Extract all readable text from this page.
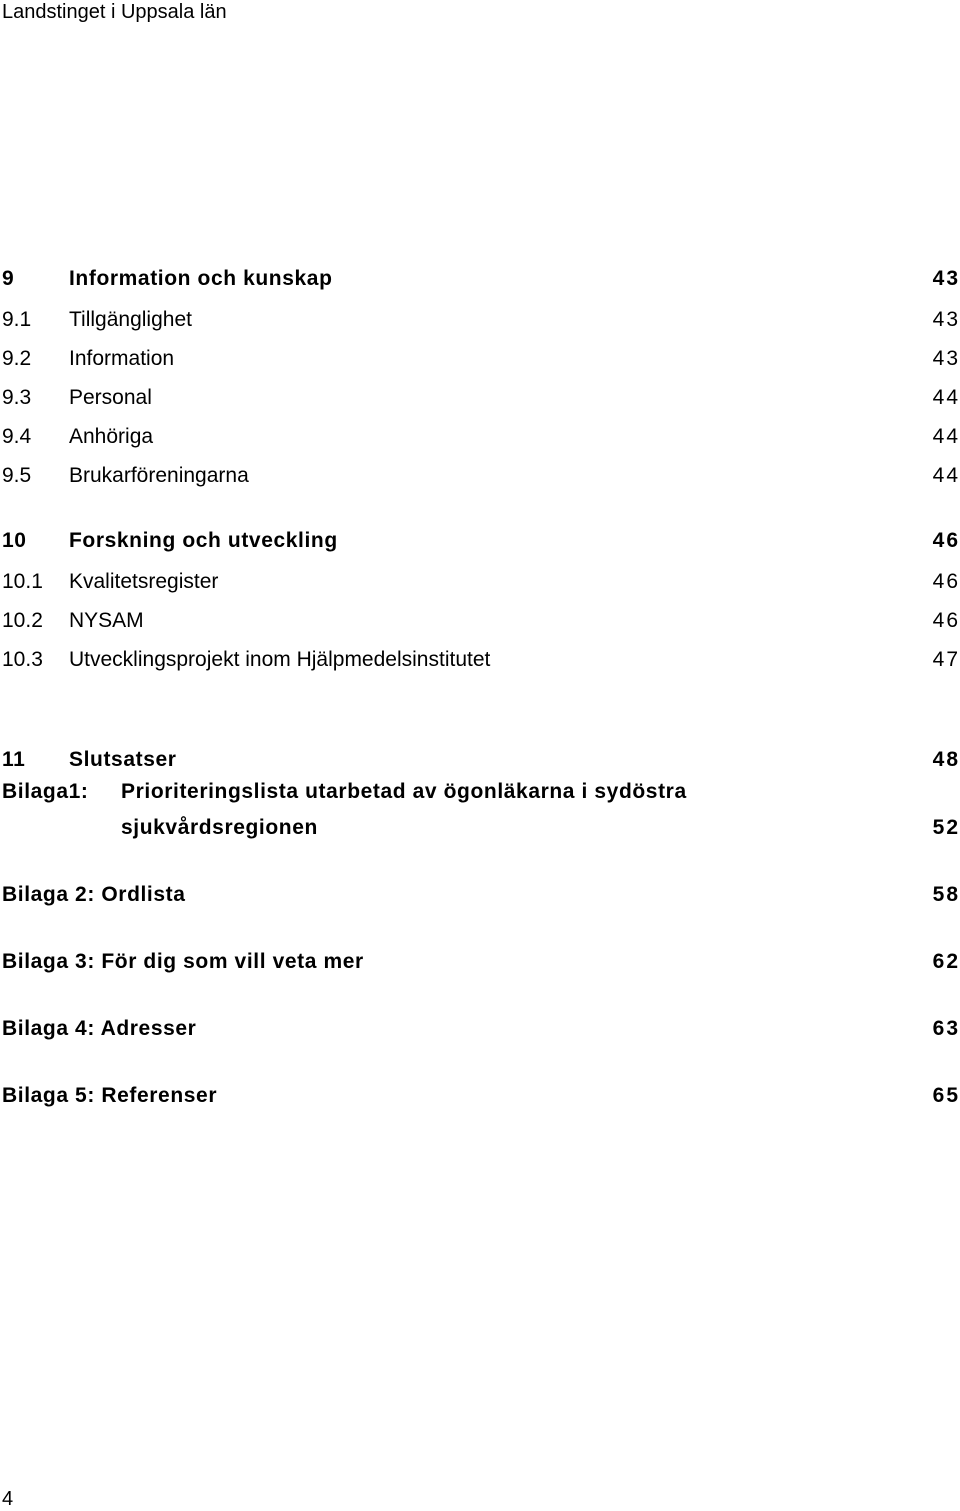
Landstinget i Uppsala län
9	Information och kunskap	43
9.1 Tillgänglighet	43
9.2 Information	43
9.3 Personal	44
9.4 Anhöriga	44
9.5 Brukarföreningarna	44
10 Forskning och utveckling	46
10.1 Kvalitetsregister	46
10.2 NYSAM	46
10.3 Utvecklingsprojekt inom Hjälpmedelsinstitutet	47
11 Slutsatser	48
Bilaga1: Prioriteringslista utarbetad av ögonläkarna i sydöstra
sjukvårdsregionen	52
Bilaga 2: Ordlista	58
Bilaga 3: För dig som vill veta mer	62
Bilaga 4: Adresser	63
Bilaga 5: Referenser	65
4
